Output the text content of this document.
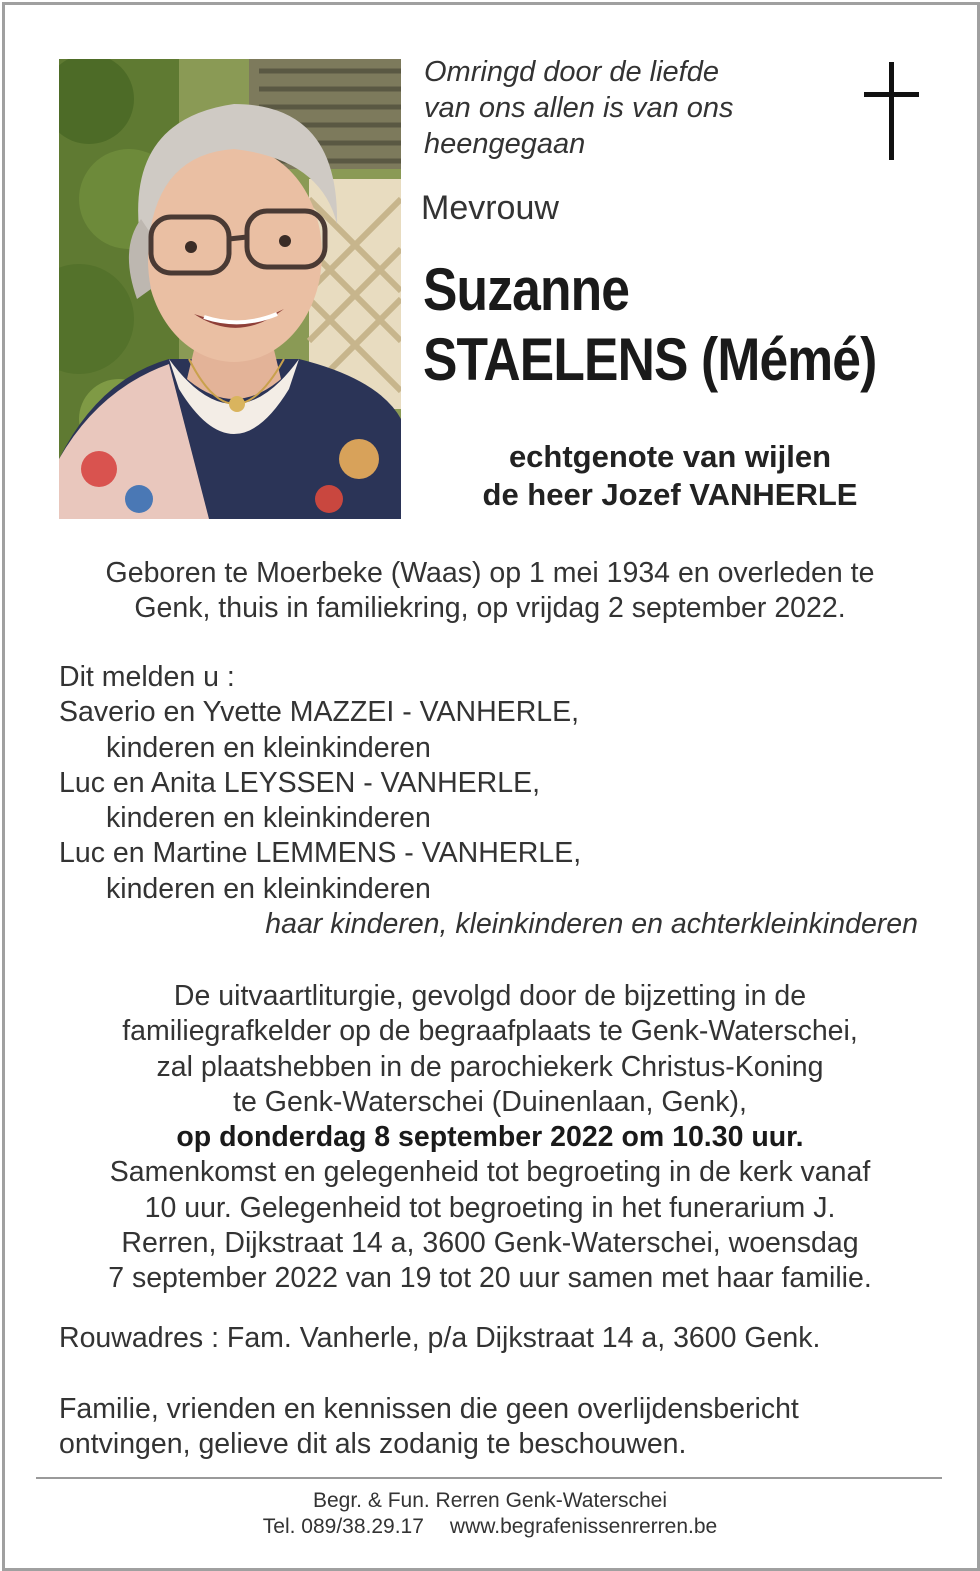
Omringd door de liefde
van ons allen is van ons
heengegaan
Mevrouw
Suzanne
STAELENS (Mémé)
echtgenote van wijlen
de heer Jozef VANHERLE
Geboren te Moerbeke (Waas) op 1 mei 1934 en overleden te
Genk, thuis in familiekring, op vrijdag 2 september 2022.
Dit melden u :
Saverio en Yvette MAZZEI - VANHERLE,
kinderen en kleinkinderen
Luc en Anita LEYSSEN - VANHERLE,
kinderen en kleinkinderen
Luc en Martine LEMMENS - VANHERLE,
kinderen en kleinkinderen
haar kinderen, kleinkinderen en achterkleinkinderen
De uitvaartliturgie, gevolgd door de bijzetting in de
familiegrafkelder op de begraafplaats te Genk-Waterschei,
zal plaatshebben in de parochiekerk Christus-Koning
te Genk-Waterschei (Duinenlaan, Genk),
op donderdag 8 september 2022 om 10.30 uur.
Samenkomst en gelegenheid tot begroeting in de kerk vanaf
10 uur. Gelegenheid tot begroeting in het funerarium J.
Rerren, Dijkstraat 14 a, 3600 Genk-Waterschei, woensdag
7 september 2022 van 19 tot 20 uur samen met haar familie.
Rouwadres : Fam. Vanherle, p/a Dijkstraat 14 a, 3600 Genk.
Familie, vrienden en kennissen die geen overlijdensbericht
ontvingen, gelieve dit als zodanig te beschouwen.
Begr. & Fun. Rerren Genk-Waterschei
Tel. 089/38.29.17 www.begrafenissenrerren.be
